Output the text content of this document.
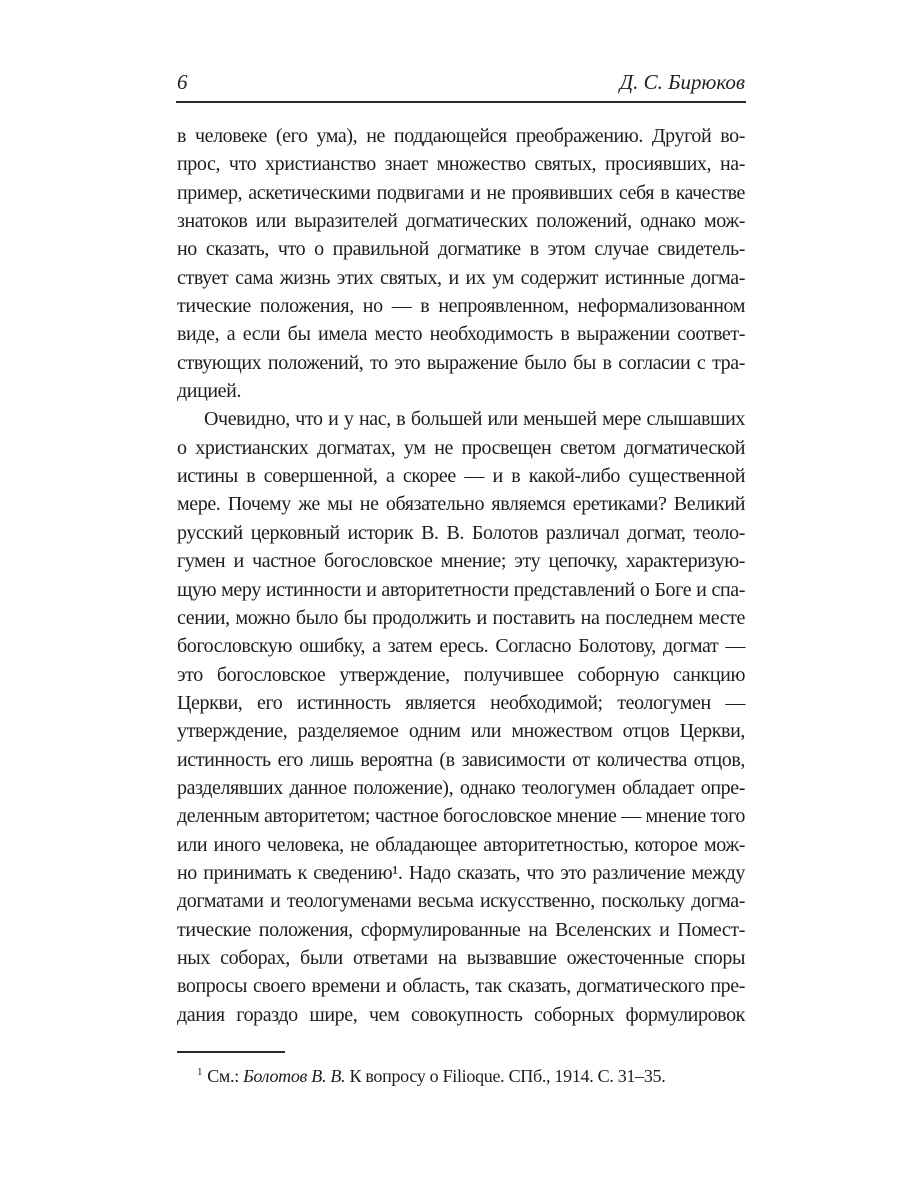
6	Д. С. Бирюков
в человеке (его ума), не поддающейся преображению. Другой во-
прос, что христианство знает множество святых, просиявших, на-
пример, аскетическими подвигами и не проявивших себя в качестве
знатоков или выразителей догматических положений, однако мож-
но сказать, что о правильной догматике в этом случае свидетель-
ствует сама жизнь этих святых, и их ум содержит истинные догма-
тические положения, но — в непроявленном, неформализованном
виде, а если бы имела место необходимость в выражении соответ-
ствующих положений, то это выражение было бы в согласии с тра-
дицией.
Очевидно, что и у нас, в большей или меньшей мере слышавших
о христианских догматах, ум не просвещен светом догматической
истины в совершенной, а скорее — и в какой-либо существенной
мере. Почему же мы не обязательно являемся еретиками? Великий
русский церковный историк В. В. Болотов различал догмат, теоло-
гумен и частное богословское мнение; эту цепочку, характеризую-
щую меру истинности и авторитетности представлений о Боге и спа-
сении, можно было бы продолжить и поставить на последнем месте
богословскую ошибку, а затем ересь. Согласно Болотову, догмат —
это богословское утверждение, получившее соборную санкцию
Церкви, его истинность является необходимой; теологумен —
утверждение, разделяемое одним или множеством отцов Церкви,
истинность его лишь вероятна (в зависимости от количества отцов,
разделявших данное положение), однако теологумен обладает опре-
деленным авторитетом; частное богословское мнение — мнение того
или иного человека, не обладающее авторитетностью, которое мож-
но принимать к сведению¹. Надо сказать, что это различение между
догматами и теологуменами весьма искусственно, поскольку догма-
тические положения, сформулированные на Вселенских и Помест-
ных соборах, были ответами на вызвавшие ожесточенные споры
вопросы своего времени и область, так сказать, догматического пре-
дания гораздо шире, чем совокупность соборных формулировок
$^1$ См.: Болотов В. В. К вопросу о Filioque. СПб., 1914. С. 31–35.
